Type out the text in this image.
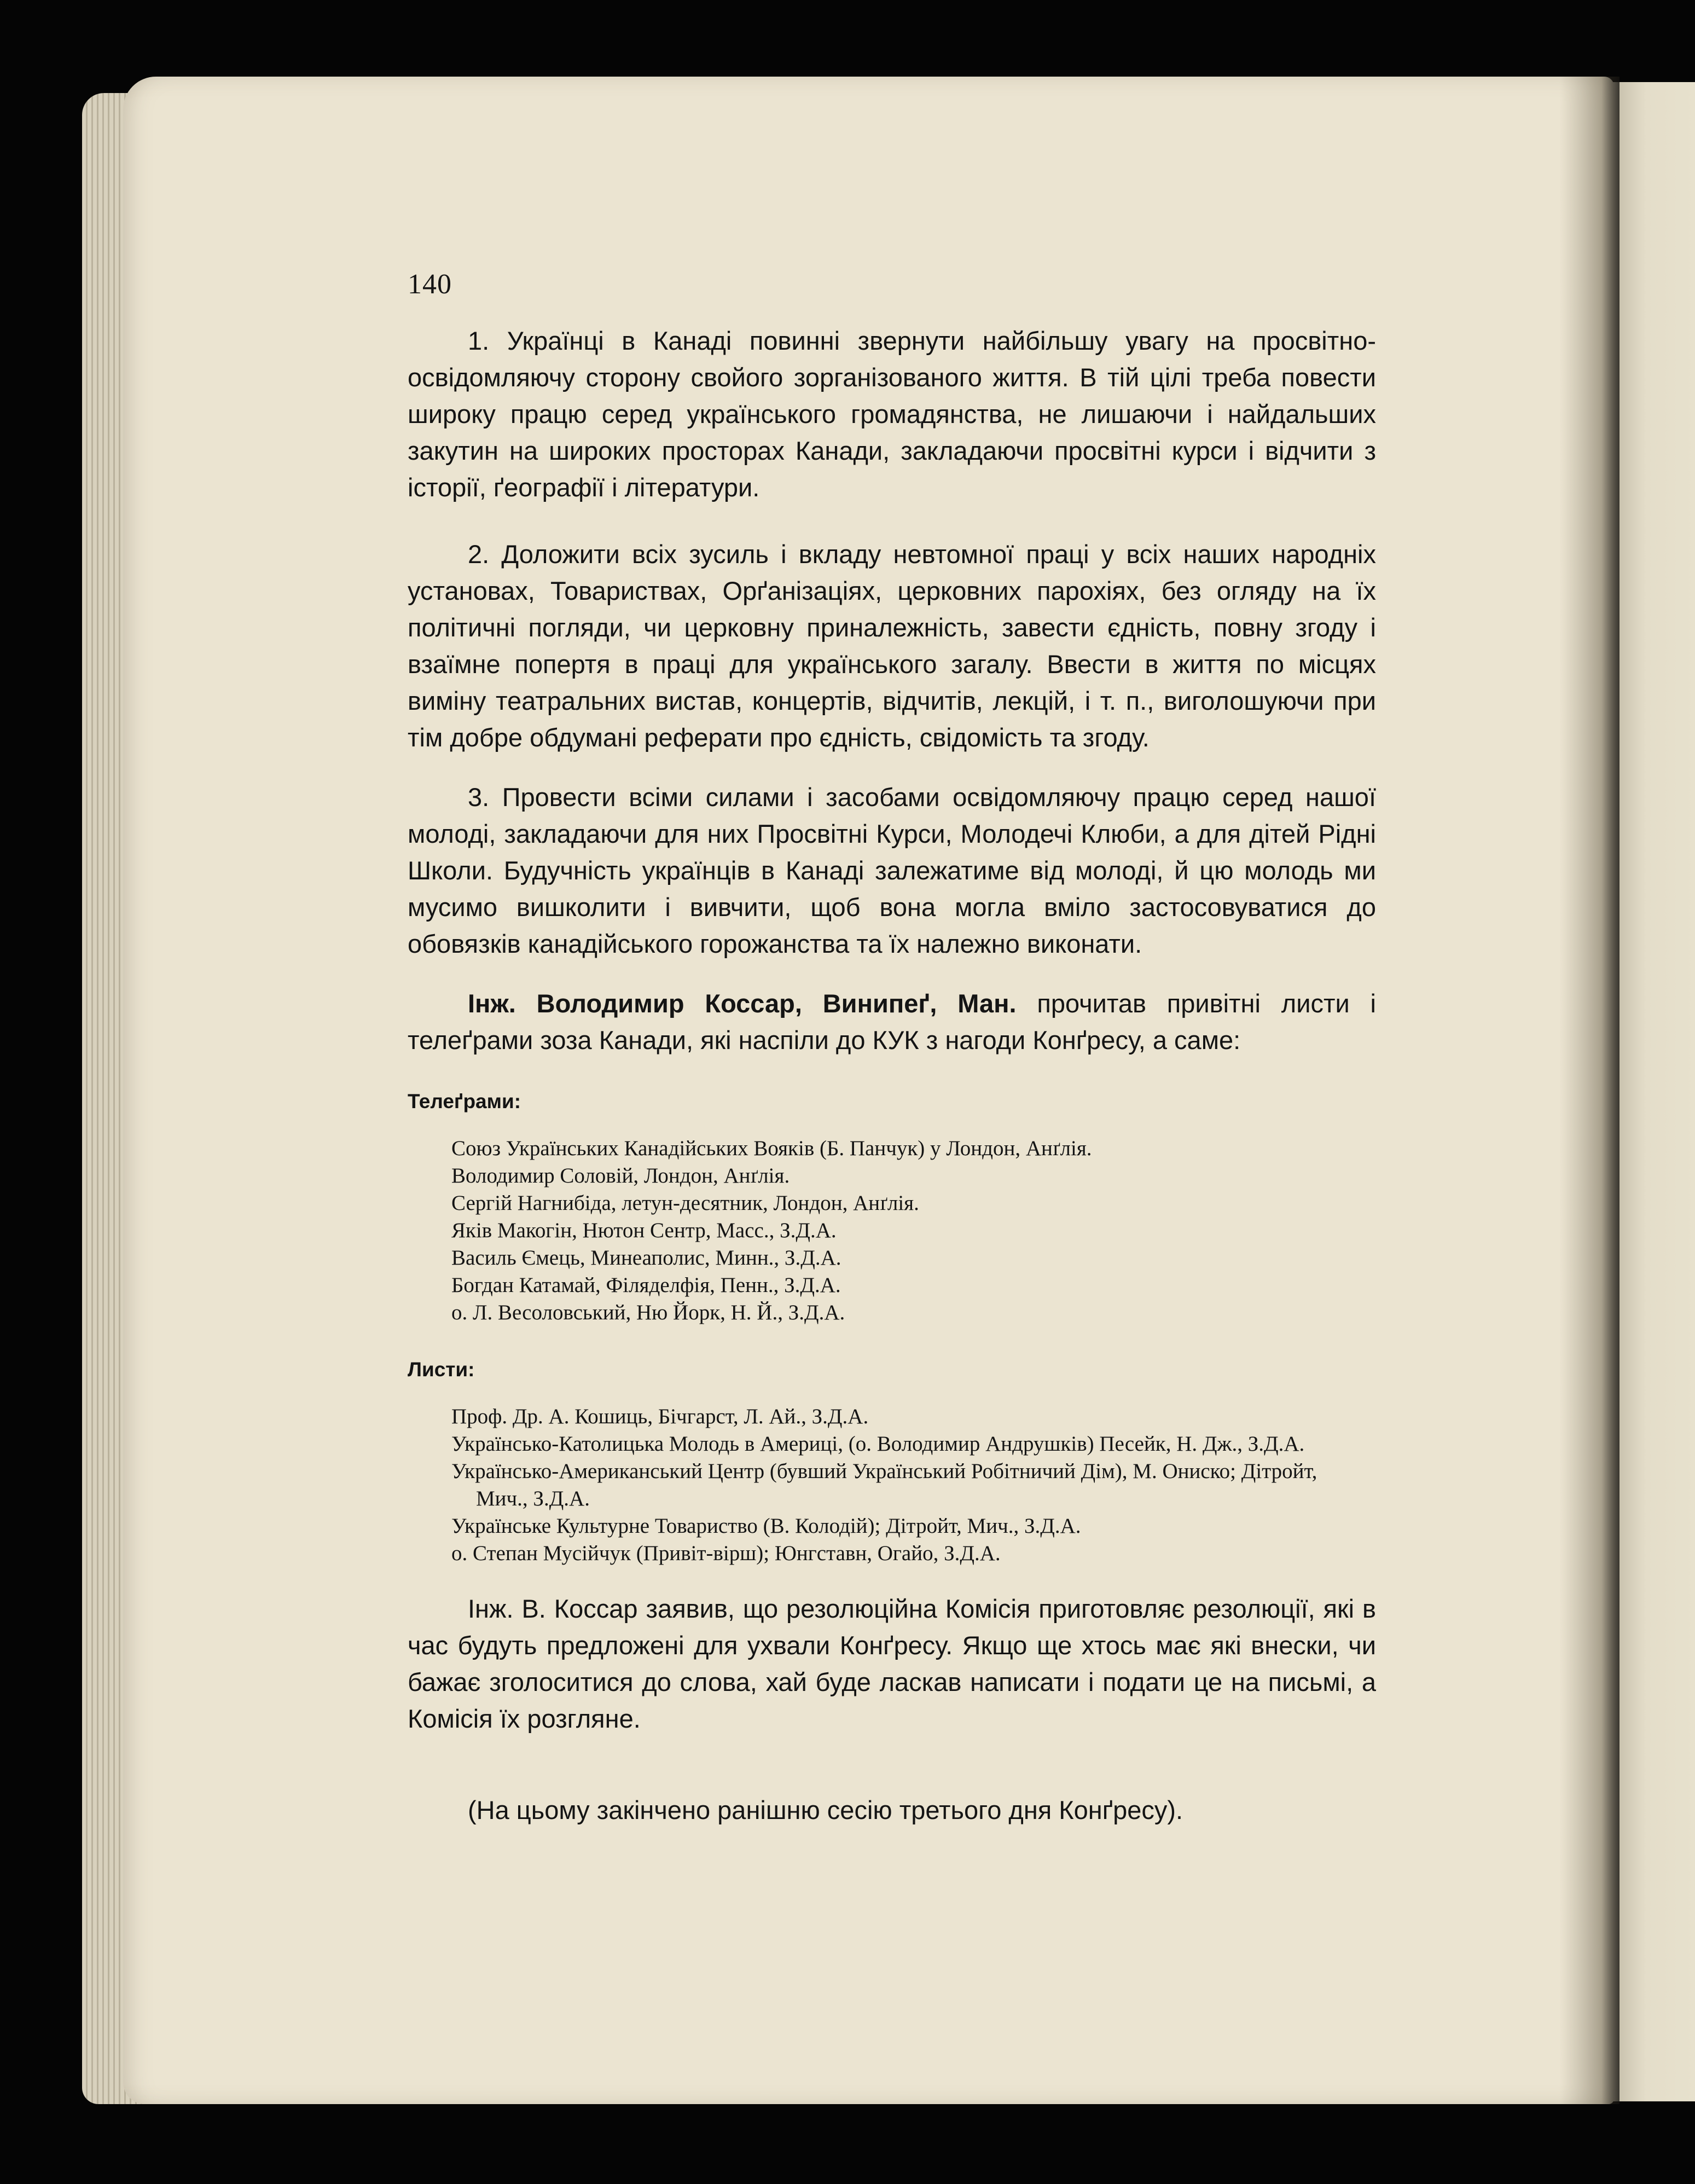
140

1. Українці в Канаді повинні звернути найбільшу увагу на просвітно-освідомляючу сторону свойого зорганізованого життя. В тій цілі треба повести широку працю серед українського громадянства, не лишаючи і найдальших закутин на широких просторах Канади, закладаючи просвітні курси і відчити з історії, ґеографії і літератури.

2. Доложити всіх зусиль і вкладу невтомної праці у всіх наших народніх установах, Товариствах, Орґанізаціях, церковних парохіях, без огляду на їх політичні погляди, чи церковну приналежність, завести єдність, повну згоду і взаїмне попертя в праці для українського загалу. Ввести в життя по місцях виміну театральних вистав, концертів, відчитів, лекцій, і т. п., виголошуючи при тім добре обдумані реферати про єдність, свідомість та згоду.

3. Провести всіми силами і засобами освідомляючу працю серед нашої молоді, закладаючи для них Просвітні Курси, Молодечі Клюби, а для дітей Рідні Школи. Будучність українців в Канаді залежатиме від молоді, й цю молодь ми мусимо вишколити і вивчити, щоб вона могла вміло застосовуватися до обовязків канадійського горожанства та їх належно виконати.

Інж. Володимир Коссар, Винипеґ, Ман. прочитав привітні листи і телеґрами зоза Канади, які наспіли до КУК з нагоди Конґресу, а саме:

Телеґрами:
Союз Українських Канадійських Вояків (Б. Панчук) у Лондон, Анґлія.
Володимир Соловій, Лондон, Анґлія.
Сергій Нагнибіда, летун-десятник, Лондон, Анґлія.
Яків Макогін, Нютон Сентр, Масс., З.Д.А.
Василь Ємець, Минеаполис, Минн., З.Д.А.
Богдан Катамай, Філяделфія, Пенн., З.Д.А.
о. Л. Весоловський, Ню Йорк, Н. Й., З.Д.А.
Листи:
Проф. Др. А. Кошиць, Бічгарст, Л. Ай., З.Д.А.
Українсько-Католицька Молодь в Америці, (о. Володимир Андрушків) Песейк, Н. Дж., З.Д.А.
Українсько-Американський Центр (бувший Український Робітничий Дім), М. Ониско; Дітройт, Мич., З.Д.А.
Українське Культурне Товариство (В. Колодій); Дітройт, Мич., З.Д.А.
о. Степан Мусійчук (Привіт-вірш); Юнгставн, Огайо, З.Д.А.

Інж. В. Коссар заявив, що резолюційна Комісія приготовляє резолюції, які в час будуть предложені для ухвали Конґресу. Якщо ще хтось має які внески, чи бажає зголоситися до слова, хай буде ласкав написати і подати це на письмі, а Комісія їх розгляне.

(На цьому закінчено ранішню сесію третього дня Конґресу).
